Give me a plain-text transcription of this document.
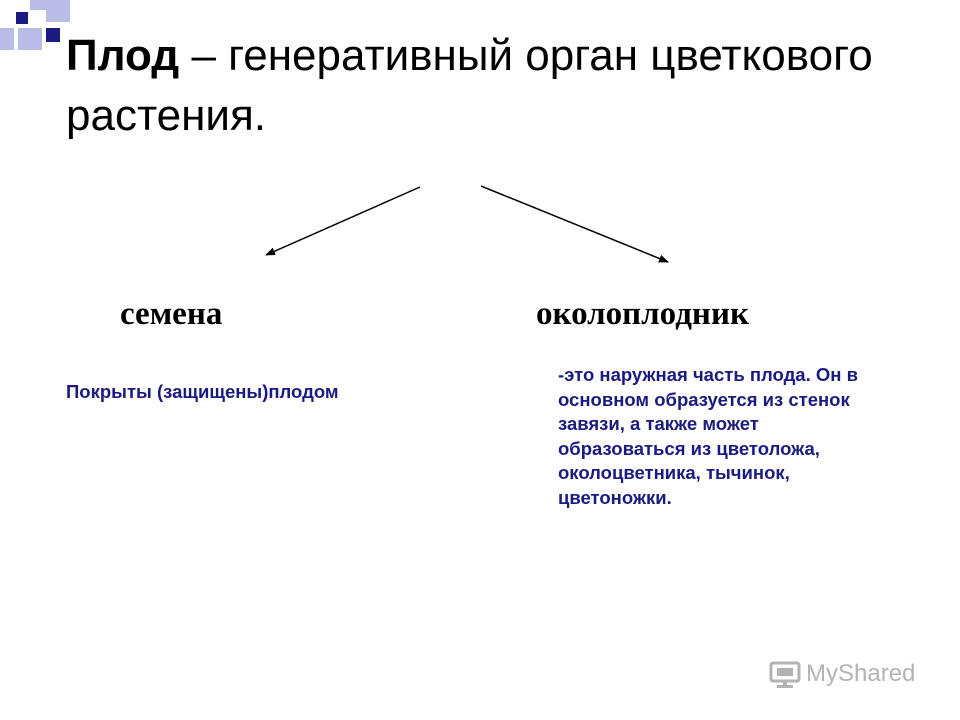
Плод – генеративный орган цветкового растения.
семена	околоплодник
Покрыты (защищены)плодом
-это наружная часть плода. Он в основном образуется из стенок завязи, а также может образоваться из цветоложа, околоцветника, тычинок, цветоножки.
MyShared
